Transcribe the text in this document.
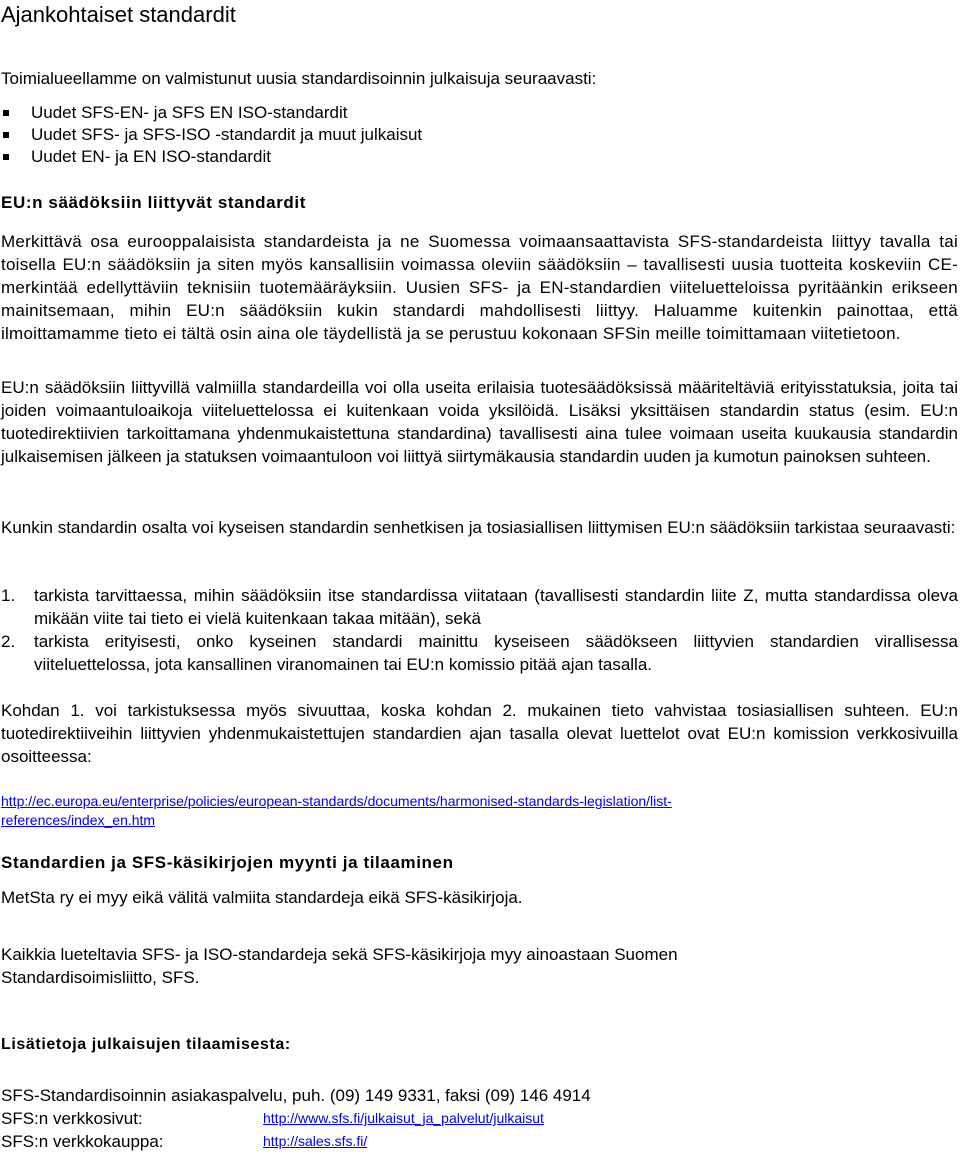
Ajankohtaiset standardit
Toimialueellamme on valmistunut uusia standardisoinnin julkaisuja seuraavasti:
Uudet SFS-EN- ja SFS EN ISO-standardit
Uudet SFS- ja SFS-ISO -standardit ja muut julkaisut
Uudet EN- ja EN ISO-standardit
EU:n säädöksiin liittyvät standardit

Merkittävä osa eurooppalaisista standardeista ja ne Suomessa voimaansaattavista SFS-standardeista liittyy tavalla tai toisella EU:n säädöksiin ja siten myös kansallisiin voimassa oleviin säädöksiin – tavallisesti uusia tuotteita koskeviin CE-merkintää edellyttäviin teknisiin tuotemääräyksiin. Uusien SFS- ja EN-standardien viiteluetteloissa pyritäänkin erikseen mainitsemaan, mihin EU:n säädöksiin kukin standardi mahdollisesti liittyy. Haluamme kuitenkin painottaa, että ilmoittamamme tieto ei tältä osin aina ole täydellistä ja se perustuu kokonaan SFSin meille toimittamaan viitetietoon.

EU:n säädöksiin liittyvillä valmiilla standardeilla voi olla useita erilaisia tuotesäädöksissä määriteltäviä erityisstatuksia, joita tai joiden voimaantuloaikoja viiteluettelossa ei kuitenkaan voida yksilöidä. Lisäksi yksittäisen standardin status (esim. EU:n tuotedirektiivien tarkoittamana yhdenmukaistettuna standardina) tavallisesti aina tulee voimaan useita kuukausia standardin julkaisemisen jälkeen ja statuksen voimaantuloon voi liittyä siirtymäkausia standardin uuden ja kumotun painoksen suhteen.

Kunkin standardin osalta voi kyseisen standardin senhetkisen ja tosiasiallisen liittymisen EU:n säädöksiin tarkistaa seuraavasti:

1. tarkista tarvittaessa, mihin säädöksiin itse standardissa viitataan (tavallisesti standardin liite Z, mutta standardissa oleva mikään viite tai tieto ei vielä kuitenkaan takaa mitään), sekä
2. tarkista erityisesti, onko kyseinen standardi mainittu kyseiseen säädökseen liittyvien standardien virallisessa viiteluettelossa, jota kansallinen viranomainen tai EU:n komissio pitää ajan tasalla.

Kohdan 1. voi tarkistuksessa myös sivuuttaa, koska kohdan 2. mukainen tieto vahvistaa tosiasiallisen suhteen. EU:n tuotedirektiiveihin liittyvien yhdenmukaistettujen standardien ajan tasalla olevat luettelot ovat EU:n komission verkkosivuilla osoitteessa:

http://ec.europa.eu/enterprise/policies/european-standards/documents/harmonised-standards-legislation/list-
references/index_en.htm
Standardien ja SFS-käsikirjojen myynti ja tilaaminen

MetSta ry ei myy eikä välitä valmiita standardeja eikä SFS-käsikirjoja.

Kaikkia lueteltavia SFS- ja ISO-standardeja sekä SFS-käsikirjoja myy ainoastaan Suomen Standardisoimisliitto, SFS.

Lisätietoja julkaisujen tilaamisesta:
SFS-Standardisoinnin asiakaspalvelu, puh. (09) 149 9331, faksi (09) 146 4914
SFS:n verkkosivut:	http://www.sfs.fi/julkaisut_ja_palvelut/julkaisut
SFS:n verkkokauppa:	http://sales.sfs.fi/
